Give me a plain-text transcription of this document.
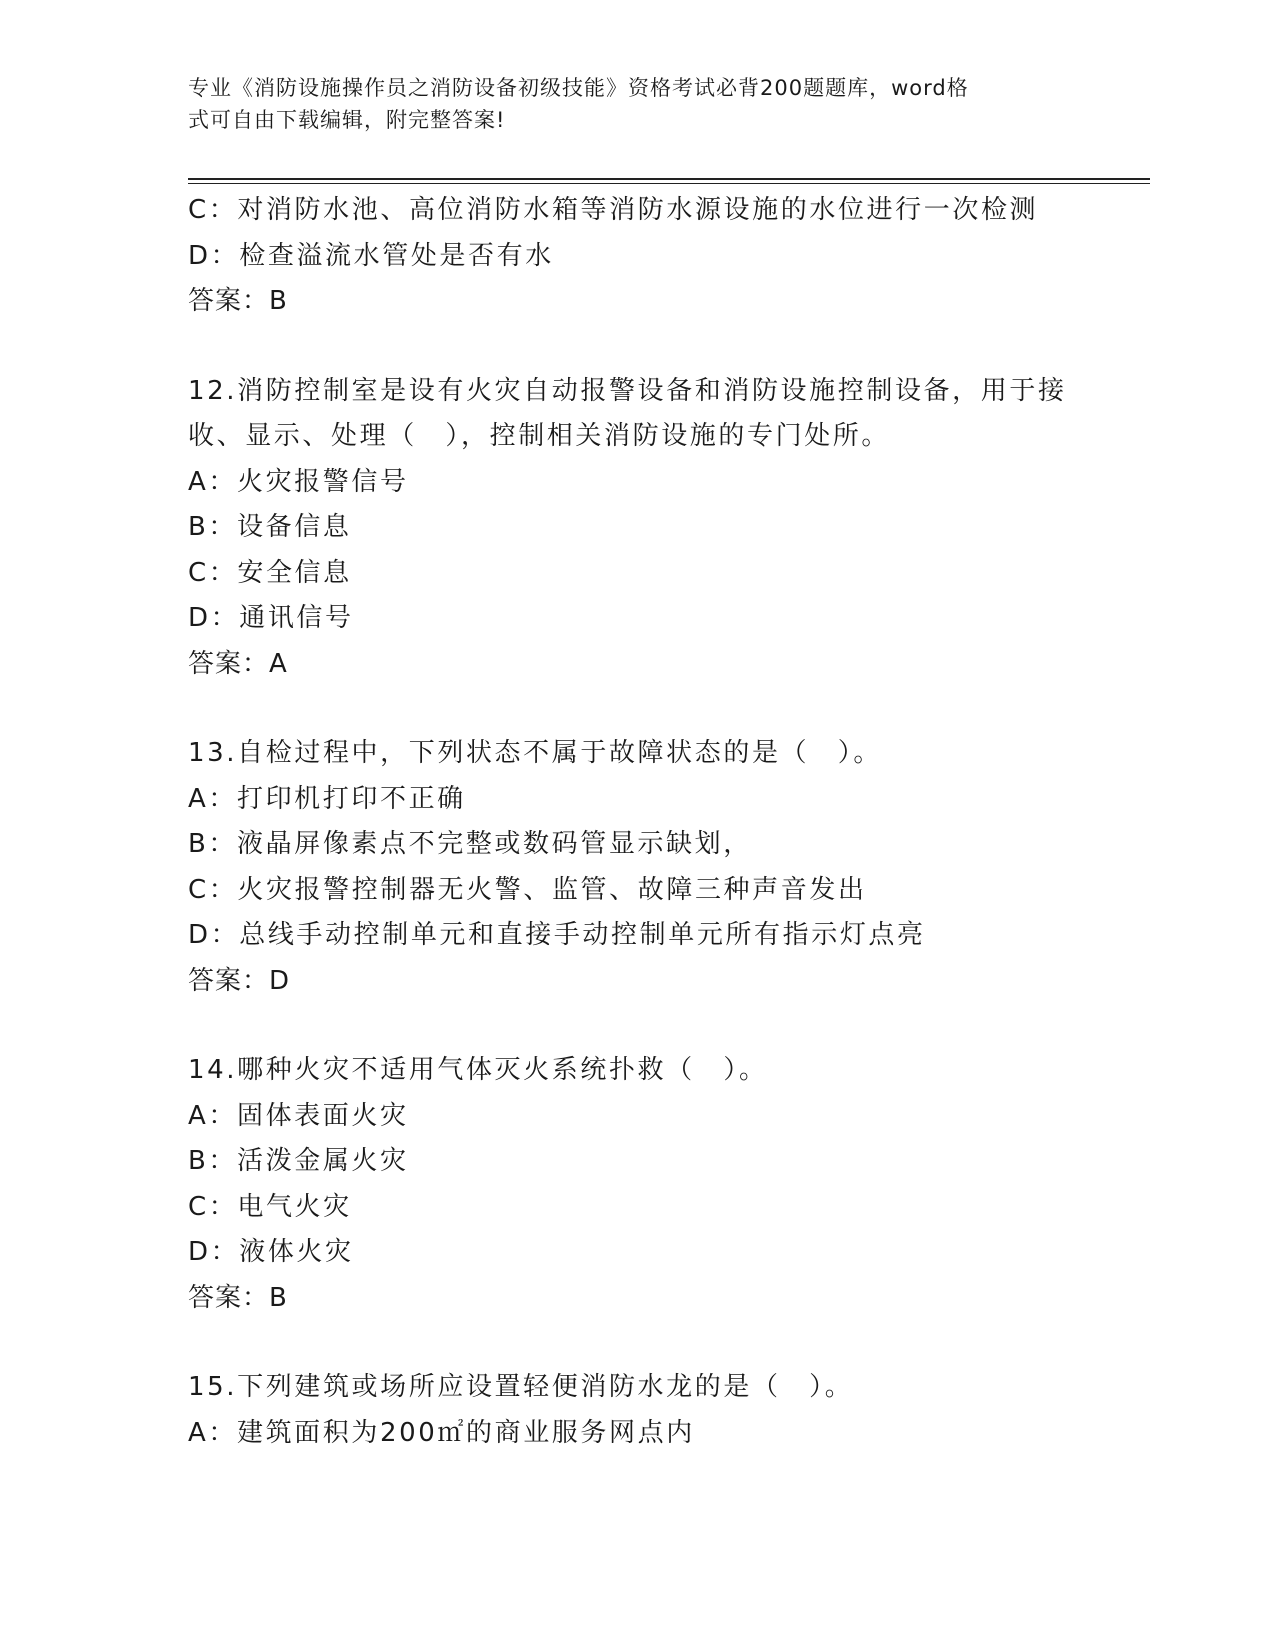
专业《消防设施操作员之消防设备初级技能》资格考试必背200题题库，word格
式可自由下载编辑，附完整答案!
C：对消防水池、高位消防水箱等消防水源设施的水位进行一次检测
D：检查溢流水管处是否有水
答案：B
12.消防控制室是设有火灾自动报警设备和消防设施控制设备，用于接
收、显示、处理（　），控制相关消防设施的专门处所。
A：火灾报警信号
B：设备信息
C：安全信息
D：通讯信号
答案：A
13.自检过程中，下列状态不属于故障状态的是（　）。
A：打印机打印不正确
B：液晶屏像素点不完整或数码管显示缺划，
C：火灾报警控制器无火警、监管、故障三种声音发出
D：总线手动控制单元和直接手动控制单元所有指示灯点亮
答案：D
14.哪种火灾不适用气体灭火系统扑救（　）。
A：固体表面火灾
B：活泼金属火灾
C：电气火灾
D：液体火灾
答案：B
15.下列建筑或场所应设置轻便消防水龙的是（　）。
A：建筑面积为200㎡的商业服务网点内
